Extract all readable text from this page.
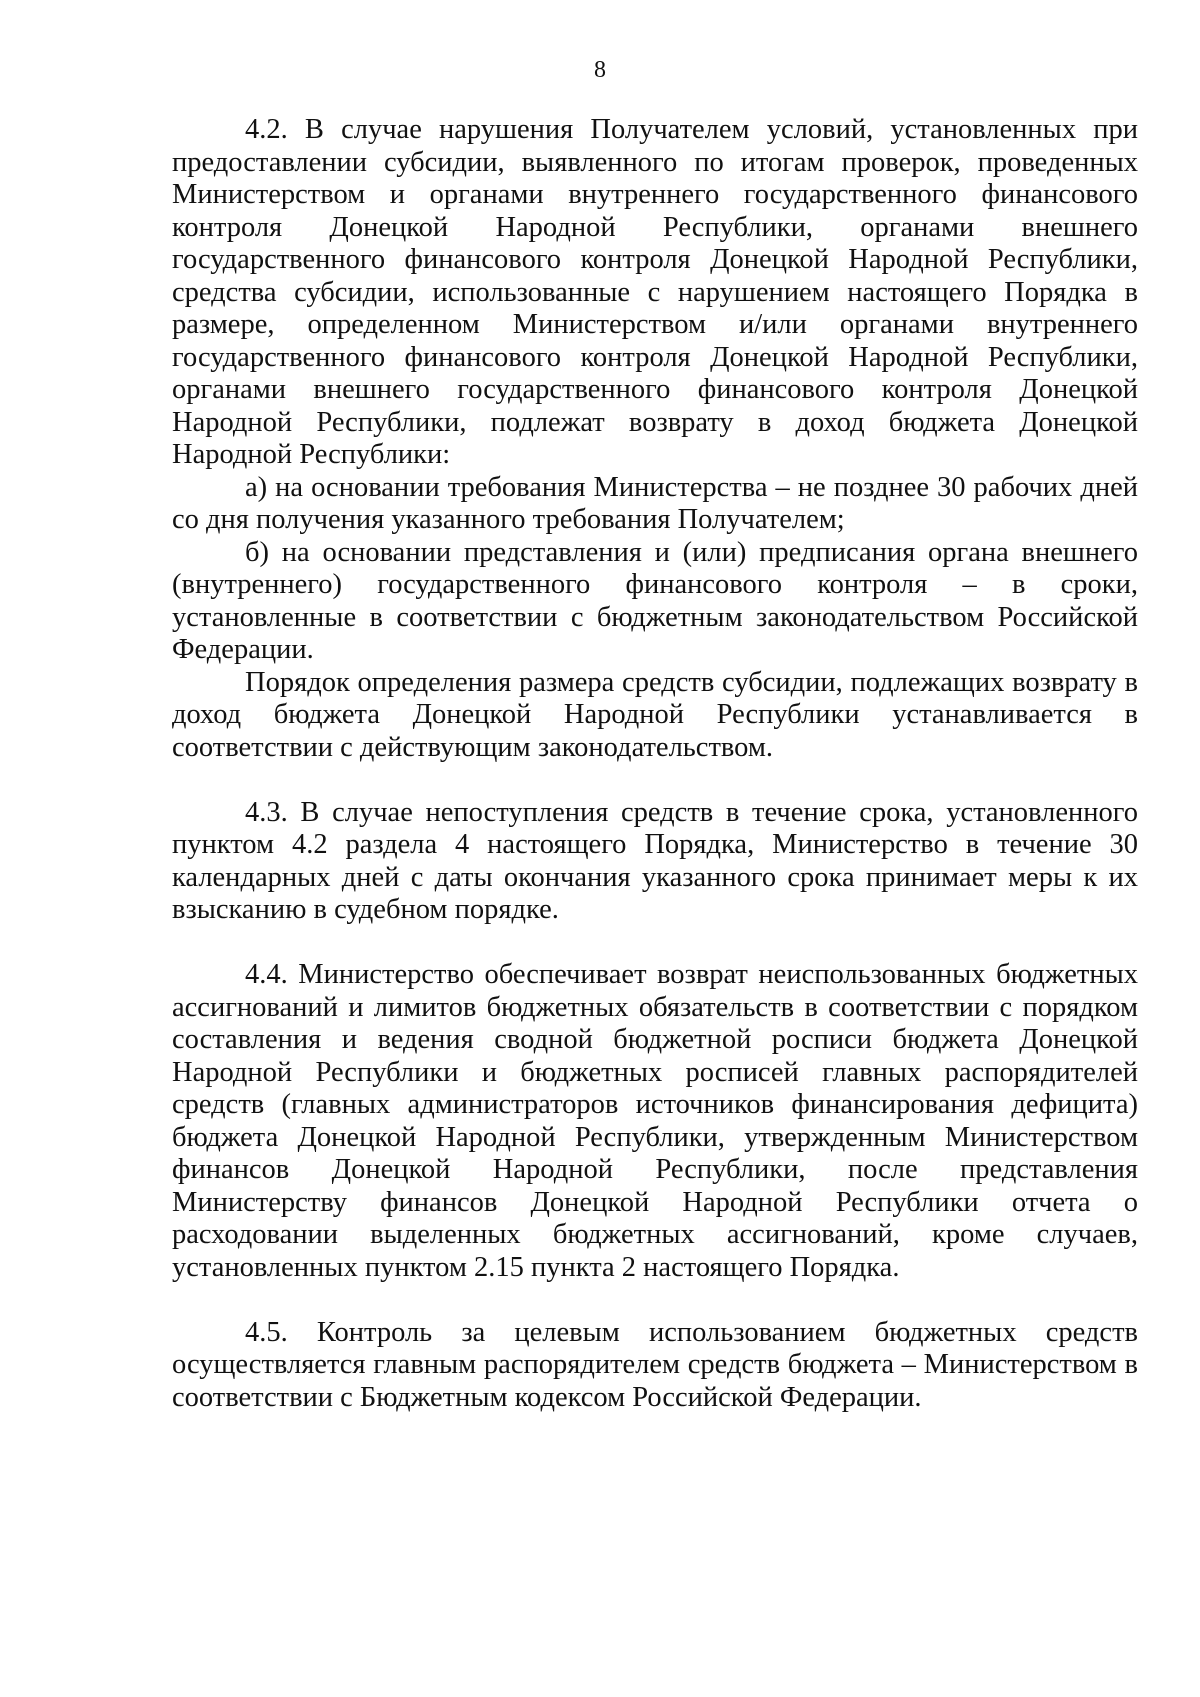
8

4.2. В случае нарушения Получателем условий, установленных при предоставлении субсидии, выявленного по итогам проверок, проведенных Министерством и органами внутреннего государственного финансового контроля Донецкой Народной Республики, органами внешнего государственного финансового контроля Донецкой Народной Республики, средства субсидии, использованные с нарушением настоящего Порядка в размере, определенном Министерством и/или органами внутреннего государственного финансового контроля Донецкой Народной Республики, органами внешнего государственного финансового контроля Донецкой Народной Республики, подлежат возврату в доход бюджета Донецкой Народной Республики:

а) на основании требования Министерства – не позднее 30 рабочих дней со дня получения указанного требования Получателем;

б) на основании представления и (или) предписания органа внешнего (внутреннего) государственного финансового контроля – в сроки, установленные в соответствии с бюджетным законодательством Российской Федерации.

Порядок определения размера средств субсидии, подлежащих возврату в доход бюджета Донецкой Народной Республики устанавливается в соответствии с действующим законодательством.

4.3. В случае непоступления средств в течение срока, установленного пунктом 4.2 раздела 4 настоящего Порядка, Министерство в течение 30 календарных дней с даты окончания указанного срока принимает меры к их взысканию в судебном порядке.

4.4. Министерство обеспечивает возврат неиспользованных бюджетных ассигнований и лимитов бюджетных обязательств в соответствии с порядком составления и ведения сводной бюджетной росписи бюджета Донецкой Народной Республики и бюджетных росписей главных распорядителей средств (главных администраторов источников финансирования дефицита) бюджета Донецкой Народной Республики, утвержденным Министерством финансов Донецкой Народной Республики, после представления Министерству финансов Донецкой Народной Республики отчета о расходовании выделенных бюджетных ассигнований, кроме случаев, установленных пунктом 2.15 пункта 2 настоящего Порядка.

4.5. Контроль за целевым использованием бюджетных средств осуществляется главным распорядителем средств бюджета – Министерством в соответствии с Бюджетным кодексом Российской Федерации.
